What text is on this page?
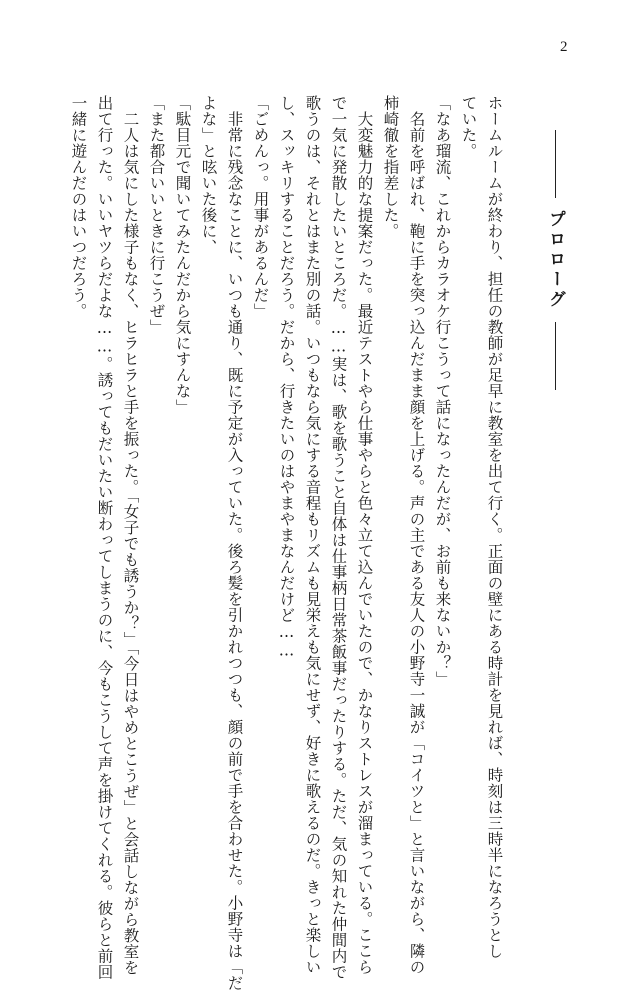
2
プロローグ
ホームルームが終わり、担任の教師が足早に教室を出て行く。正面の壁にある時計を見れば、時刻は三時半になろうとし
ていた。
「なあ瑠流、これからカラオケ行こうって話になったんだが、お前も来ないか？」
　名前を呼ばれ、鞄に手を突っ込んだまま顔を上げる。声の主である友人の小野寺一誠が「コイツと」と言いながら、隣の
柿崎徹を指差した。
　大変魅力的な提案だった。最近テストやら仕事やらと色々立て込んでいたので、かなりストレスが溜まっている。ここら
で一気に発散したいところだ。……実は、歌を歌うこと自体は仕事柄日常茶飯事だったりする。ただ、気の知れた仲間内で
歌うのは、それとはまた別の話。いつもなら気にする音程もリズムも見栄えも気にせず、好きに歌えるのだ。きっと楽しい
し、スッキリすることだろう。だから、行きたいのはやまやまなんだけど……
「ごめんっ。用事があるんだ」
　非常に残念なことに、いつも通り、既に予定が入っていた。後ろ髪を引かれつつも、顔の前で手を合わせた。小野寺は「だ
よな」と呟いた後に、
「駄目元で聞いてみたんだから気にすんな」
「また都合いいときに行こうぜ」
　二人は気にした様子もなく、ヒラヒラと手を振った。「女子でも誘うか？」「今日はやめとこうぜ」と会話しながら教室を
出て行った。いいヤツらだよな……。誘ってもだいたい断わってしまうのに、今もこうして声を掛けてくれる。彼らと前回
一緒に遊んだのはいつだろう。
